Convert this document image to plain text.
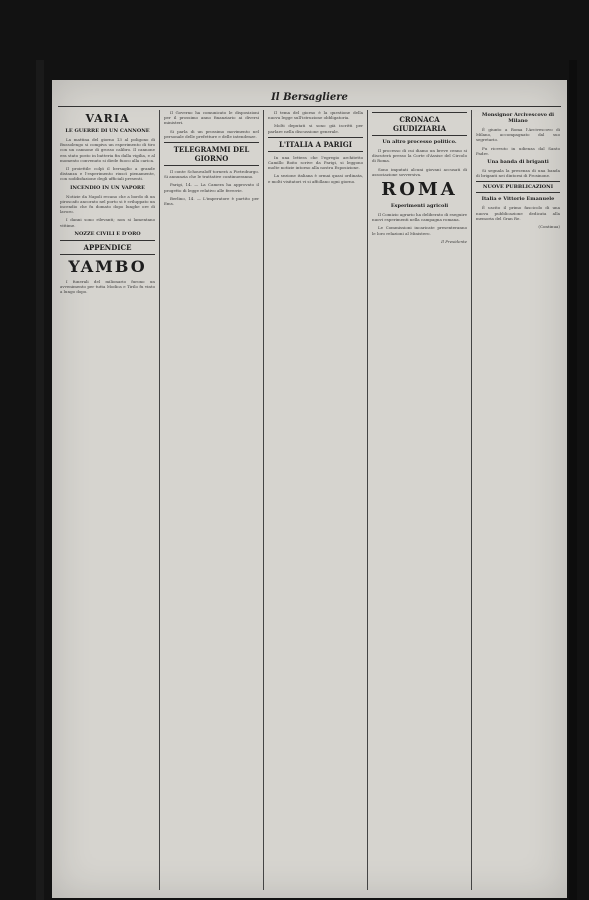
Il Bersagliere
VARIA
LE GUERRE DI UN CANNONE

La mattina del giorno 13 al poligono di Bussolengo si compiva un esperimento di tiro con un cannone di grosso calibro. Il cannone era stato posto in batteria fin dalla vigilia, e al momento convenuto si diede fuoco alla carica.

Il proiettile colpì il bersaglio a grande distanza e l'esperimento riuscì pienamente, con soddisfazione degli ufficiali presenti.

INCENDIO IN UN VAPORE

Notizie da Napoli recano che a bordo di un piroscafo ancorato nel porto si è sviluppato un incendio che fu domato dopo lunghe ore di lavoro.

I danni sono rilevanti; non si lamentano vittime.

NOZZE CIVILI E D'ORO
APPENDICE
YAMBO

I funerali del milionario furono un avvenimento per tutta Modica e Tirilo fu vinto a lungo dopo.

Il Governo ha comunicato le disposizioni per il prossimo anno finanziario ai diversi ministeri.

Si parla di un prossimo movimento nel personale delle prefetture e delle intendenze.

TELEGRAMMI DEL GIORNO

Il conte Schouvaloff tornerà a Pietroburgo. Si annunzia che le trattative continueranno.

Parigi, 14. — La Camera ha approvato il progetto di legge relativo alle ferrovie.

Berlino, 14. — L'imperatore è partito per Ems.

Il tema del giorno è la questione della nuova legge sull'istruzione obbligatoria.

Molti deputati si sono già iscritti per parlare nella discussione generale.

L'ITALIA A PARIGI

In una lettera che l'egregio architetto Camillo Boito scrive da Parigi, si leggono molte notizie intorno alla nostra Esposizione.

La sezione italiana è ormai quasi ordinata, e molti visitatori vi si affollano ogni giorno.

CRONACA GIUDIZIARIA
Un altro processo politico.

Il processo di cui diamo un breve cenno si discuterà presso la Corte d'Assise del Circolo di Roma.

Sono imputati alcuni giovani accusati di associazione sovversiva.

ROMA
Esperimenti agricoli

Il Comizio agrario ha deliberato di eseguire nuovi esperimenti nella campagna romana.

Le Commissioni incaricate presenteranno le loro relazioni al Ministero.

Il Presidente
Monsignor Arcivescovo di Milano

È giunto a Roma l'Arcivescovo di Milano, accompagnato dal suo segretario.

Fu ricevuto in udienza dal Santo Padre.

Una banda di briganti

Si segnala la presenza di una banda di briganti nei dintorni di Frosinone.

NUOVE PUBBLICAZIONI
Italia e Vittorio Emanuele

È uscito il primo fascicolo di una nuova pubblicazione dedicata alla memoria del Gran Re.

(Continua)
